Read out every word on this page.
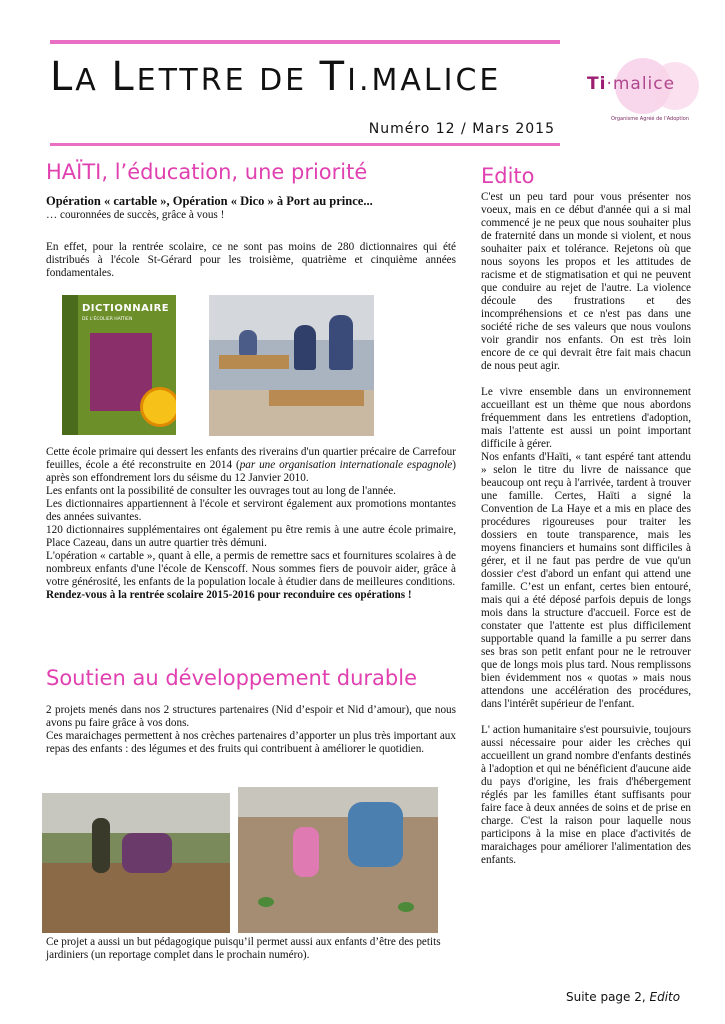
LA LETTRE DE TI.MALICE
Numéro 12 / Mars 2015
Ti·malice
Organisme Agréé de l'Adoption
HAÏTI, l’éducation, une priorité

Opération « cartable », Opération « Dico » à Port au prince...

… couronnées de succès, grâce à vous !

En effet, pour la rentrée scolaire, ce ne sont pas moins de 280 dictionnaires qui été distribués à l'école St-Gérard pour les troisième, quatrième et cinquième années fondamentales.
DICTIONNAIRE
DE L'ÉCOLIER HAÏTIEN

Cette école primaire qui dessert les enfants des riverains d'un quartier précaire de Carrefour feuilles, école a été reconstruite en 2014 (par une organisation internationale espagnole) après son effondrement lors du séisme du 12 Janvier 2010.

Les enfants ont la possibilité de consulter les ouvrages tout au long de l'année.

Les dictionnaires appartiennent à l'école et serviront également aux promotions montantes des années suivantes.

120 dictionnaires supplémentaires ont également pu être remis à une autre école primaire, Place Cazeau, dans un autre quartier très démuni.

L'opération « cartable », quant à elle, a permis de remettre sacs et fournitures scolaires à de nombreux enfants d'une l'école de Kenscoff. Nous sommes fiers de pouvoir aider, grâce à votre générosité, les enfants de la population locale à étudier dans de meilleures conditions.

Rendez-vous à la rentrée scolaire 2015-2016 pour reconduire ces opérations !

Soutien au développement durable

2 projets menés dans nos 2 structures partenaires (Nid d’espoir et Nid d’amour), que nous avons pu faire grâce à vos dons.

Ces maraichages permettent à nos crèches partenaires d’apporter un plus très important aux repas des enfants : des légumes et des fruits qui contribuent à améliorer le quotidien.

Ce projet a aussi un but pédagogique puisqu’il permet aussi aux enfants d’être des petits jardiniers (un reportage complet dans le prochain numéro).
Edito

C'est un peu tard pour vous présenter nos voeux, mais en ce début d'année qui a si mal commencé je ne peux que nous souhaiter plus de fraternité dans un monde si violent, et nous souhaiter paix et tolérance. Rejetons où que nous soyons les propos et les attitudes de racisme et de stigmatisation et qui ne peuvent que conduire au rejet de l'autre. La violence découle des frustrations et des incompréhensions et ce n'est pas dans une société riche de ses valeurs que nous voulons voir grandir nos enfants. On est très loin encore de ce qui devrait être fait mais chacun de nous peut agir.

Le vivre ensemble dans un environnement accueillant est un thème que nous abordons fréquemment dans les entretiens d'adoption, mais l'attente est aussi un point important difficile à gérer.

Nos enfants d'Haïti, « tant espéré tant attendu » selon le titre du livre de naissance que beaucoup ont reçu à l'arrivée, tardent à trouver une famille. Certes, Haïti a signé la Convention de La Haye et a mis en place des procédures rigoureuses pour traiter les dossiers en toute transparence, mais les moyens financiers et humains sont difficiles à gérer, et il ne faut pas perdre de vue qu'un dossier c'est d'abord un enfant qui attend une famille. C’est un enfant, certes bien entouré, mais qui a été déposé parfois depuis de longs mois dans la structure d'accueil. Force est de constater que l'attente est plus difficilement supportable quand la famille a pu serrer dans ses bras son petit enfant pour ne le retrouver que de longs mois plus tard. Nous remplissons bien évidemment nos « quotas » mais nous attendons une accélération des procédures, dans l'intérêt supérieur de l'enfant.

L' action humanitaire s'est poursuivie, toujours aussi nécessaire pour aider les crèches qui accueillent un grand nombre d'enfants destinés à l'adoption et qui ne bénéficient d'aucune aide du pays d'origine, les frais d'hébergement réglés par les familles étant suffisants pour faire face à deux années de soins et de prise en charge. C'est la raison pour laquelle nous participons à la mise en place d'activités de maraichages pour améliorer l'alimentation des enfants.

Suite page 2, Edito
